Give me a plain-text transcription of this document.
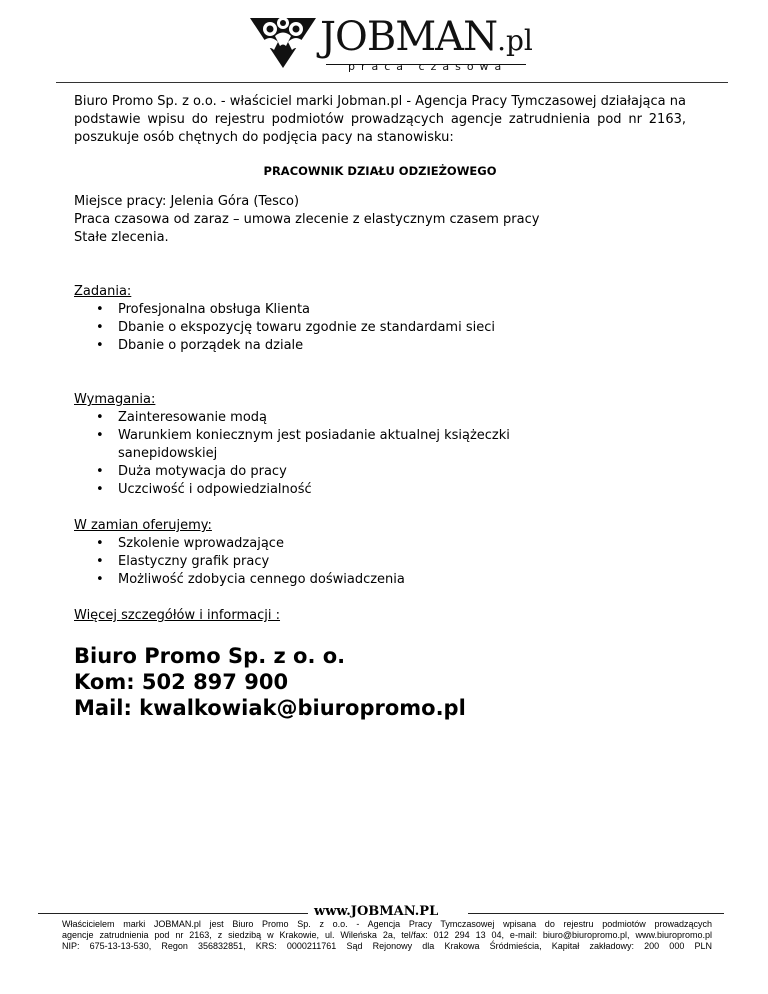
JOBMAN.pl
praca czasowa

Biuro Promo Sp. z o.o. - właściciel marki Jobman.pl - Agencja Pracy Tymczasowej działająca na podstawie wpisu do rejestru podmiotów prowadzących agencje zatrudnienia pod nr 2163, poszukuje osób chętnych do podjęcia pacy na stanowisku:

PRACOWNIK DZIAŁU ODZIEŻOWEGO
Miejsce pracy: Jelenia Góra (Tesco)
Praca czasowa od zaraz – umowa zlecenie z elastycznym czasem pracy
Stałe zlecenia.
Zadania:
• Profesjonalna obsługa Klienta
• Dbanie o ekspozycję towaru zgodnie ze standardami sieci
• Dbanie o porządek na dziale
Wymagania:
• Zainteresowanie modą
• Warunkiem koniecznym jest posiadanie aktualnej książeczki sanepidowskiej
• Duża motywacja do pracy
• Uczciwość i odpowiedzialność
W zamian oferujemy:
• Szkolenie wprowadzające
• Elastyczny grafik pracy
• Możliwość zdobycia cennego doświadczenia
Więcej szczegółów i informacji :
Biuro Promo Sp. z o. o.
Kom: 502 897 900
Mail: kwalkowiak@biuropromo.pl
www.JOBMAN.PL
Właścicielem marki JOBMAN.pl jest Biuro Promo Sp. z o.o. - Agencja Pracy Tymczasowej wpisana do rejestru podmiotów prowadzących
agencje zatrudnienia pod nr 2163, z siedzibą w Krakowie, ul. Wileńska 2a, tel/fax: 012 294 13 04, e-mail: biuro@biuropromo.pl, www.biuropromo.pl
NIP: 675-13-13-530, Regon 356832851, KRS: 0000211761 Sąd Rejonowy dla Krakowa Śródmieścia, Kapitał zakładowy: 200 000 PLN
